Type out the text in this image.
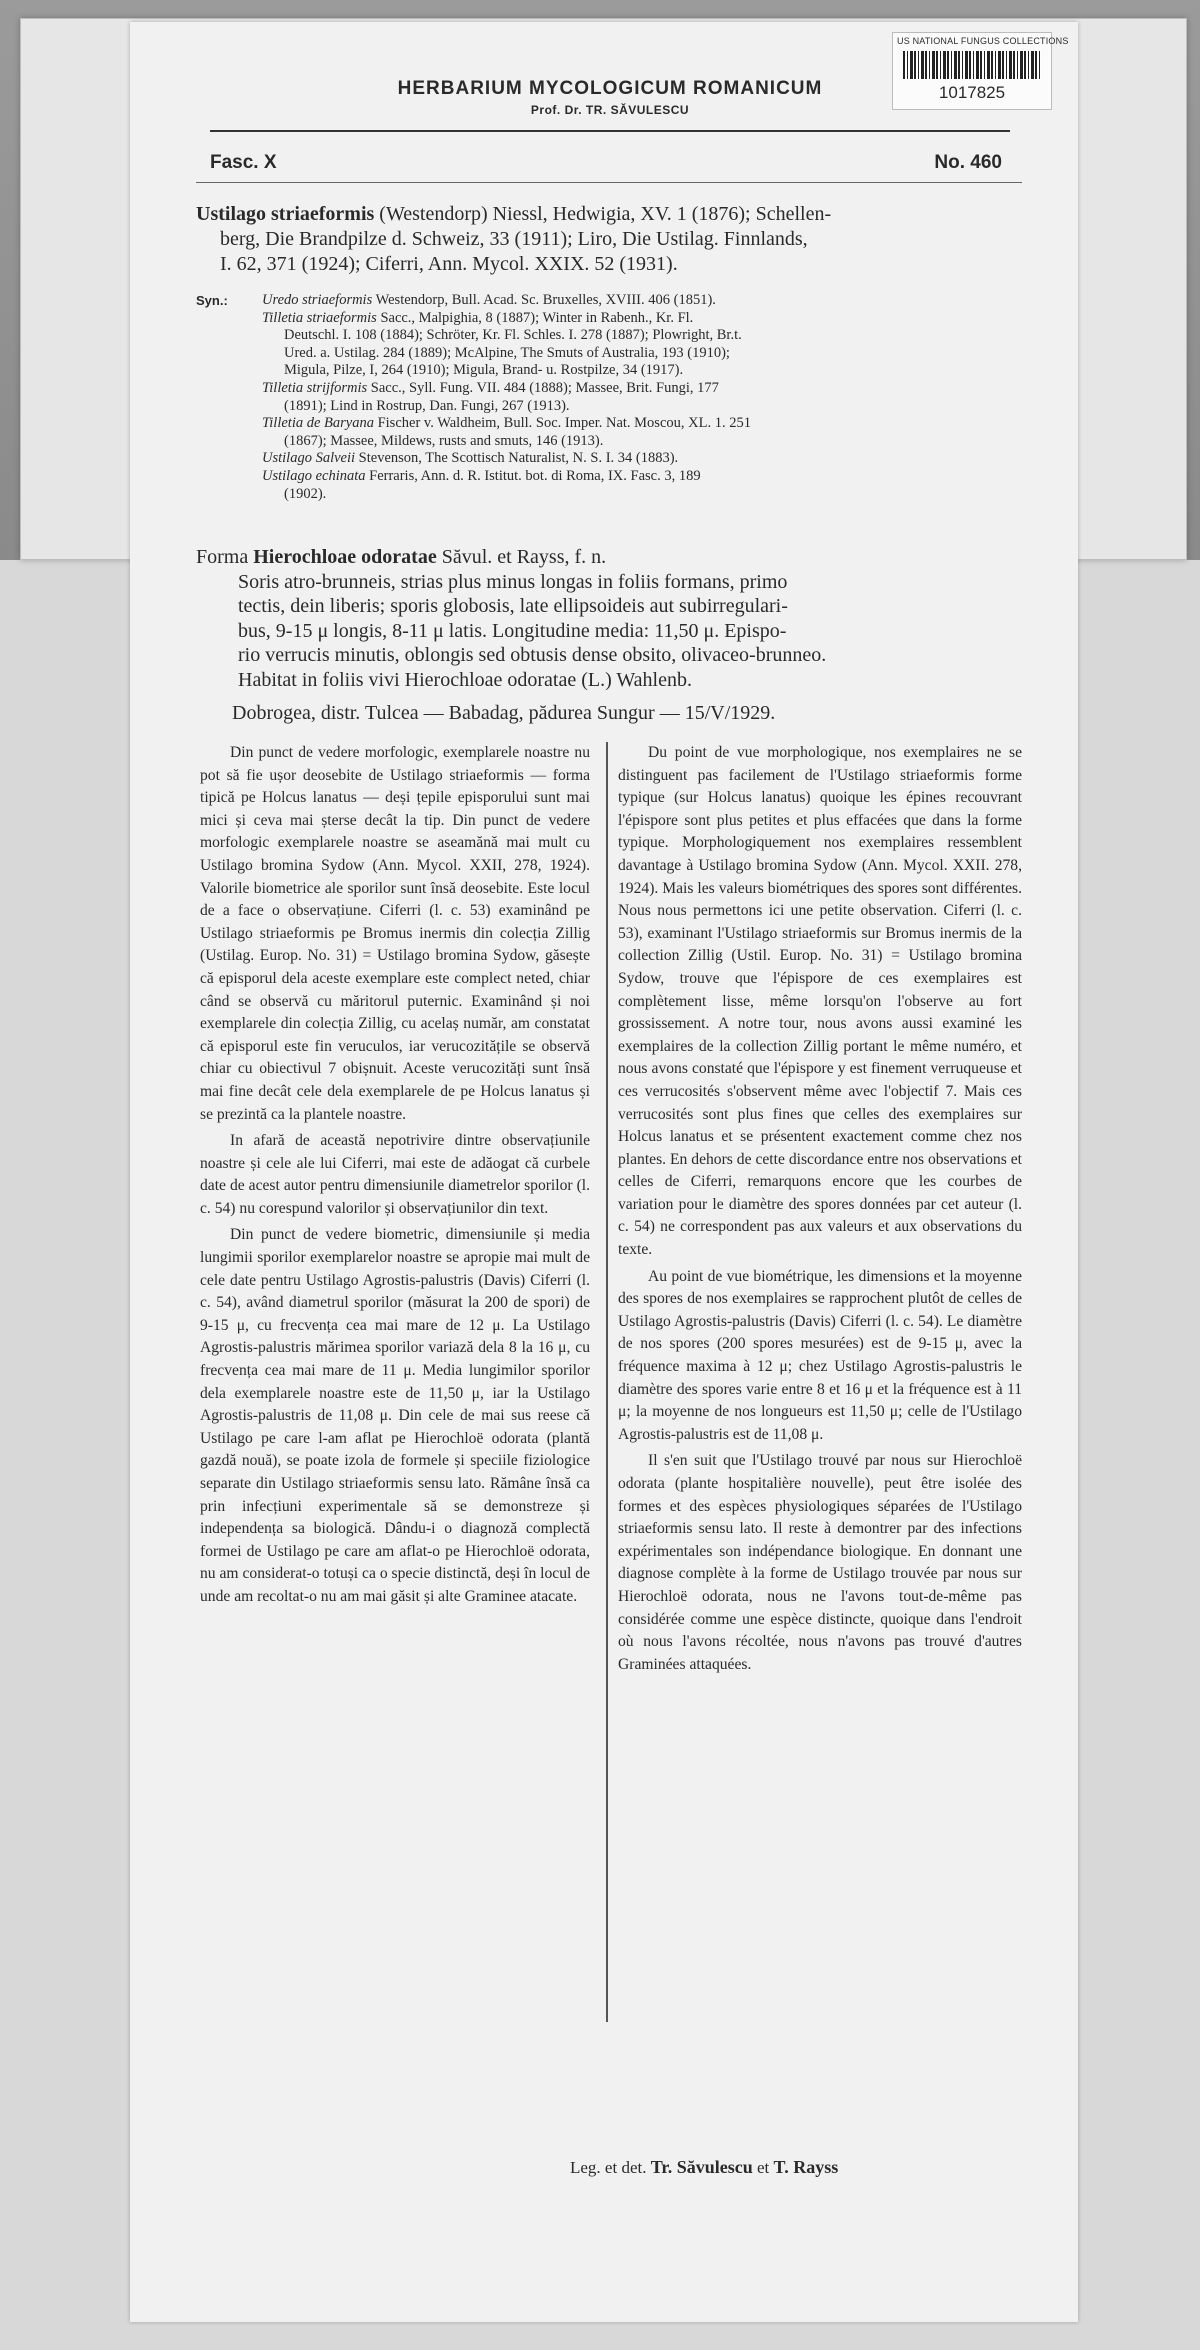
US NATIONAL FUNGUS COLLECTIONS
1017825
HERBARIUM MYCOLOGICUM ROMANICUM
Prof. Dr. TR. SĂVULESCU
Fasc. X	No. 460
Ustilago striaeformis (Westendorp) Niessl, Hedwigia, XV. 1 (1876); Schellen-
berg, Die Brandpilze d. Schweiz, 33 (1911); Liro, Die Ustilag. Finnlands,
I. 62, 371 (1924); Ciferri, Ann. Mycol. XXIX. 52 (1931).
Syn.: Uredo striaeformis Westendorp, Bull. Acad. Sc. Bruxelles, XVIII. 406 (1851).
Tilletia striaeformis Sacc., Malpighia, 8 (1887); Winter in Rabenh., Kr. Fl.
Deutschl. I. 108 (1884); Schröter, Kr. Fl. Schles. I. 278 (1887); Plowright, Br.t.
Ured. a. Ustilag. 284 (1889); McAlpine, The Smuts of Australia, 193 (1910);
Migula, Pilze, I, 264 (1910); Migula, Brand- u. Rostpilze, 34 (1917).
Tilletia strijformis Sacc., Syll. Fung. VII. 484 (1888); Massee, Brit. Fungi, 177
(1891); Lind in Rostrup, Dan. Fungi, 267 (1913).
Tilletia de Baryana Fischer v. Waldheim, Bull. Soc. Imper. Nat. Moscou, XL. 1. 251
(1867); Massee, Mildews, rusts and smuts, 146 (1913).
Ustilago Salveii Stevenson, The Scottisch Naturalist, N. S. I. 34 (1883).
Ustilago echinata Ferraris, Ann. d. R. Istitut. bot. di Roma, IX. Fasc. 3, 189
(1902).
Forma Hierochloae odoratae Săvul. et Rayss, f. n.
Soris atro-brunneis, strias plus minus longas in foliis formans, primo
tectis, dein liberis; sporis globosis, late ellipsoideis aut subirregulari-
bus, 9-15 μ longis, 8-11 μ latis. Longitudine media: 11,50 μ. Epispo-
rio verrucis minutis, oblongis sed obtusis dense obsito, olivaceo-brunneo.
Habitat in foliis vivi Hierochloae odoratae (L.) Wahlenb.
Dobrogea, distr. Tulcea — Babadag, pădurea Sungur — 15/V/1929.

Din punct de vedere morfologic, exemplarele noastre nu pot să fie ușor deosebite de Ustilago striaeformis — forma tipică pe Holcus lanatus — deși țepile episporului sunt mai mici și ceva mai șterse decât la tip. Din punct de vedere morfologic exemplarele noastre se aseamănă mai mult cu Ustilago bromina Sydow (Ann. Mycol. XXII, 278, 1924). Valorile biometrice ale sporilor sunt însă deosebite. Este locul de a face o observațiune. Ciferri (l. c. 53) examinând pe Ustilago striaeformis pe Bromus inermis din colecția Zillig (Ustilag. Europ. No. 31) = Ustilago bromina Sydow, găsește că episporul dela aceste exemplare este complect neted, chiar când se observă cu măritorul puternic. Examinând și noi exemplarele din colecția Zillig, cu acelaș număr, am constatat că episporul este fin veruculos, iar verucozitățile se observă chiar cu obiectivul 7 obișnuit. Aceste verucozități sunt însă mai fine decât cele dela exemplarele de pe Holcus lanatus și se prezintă ca la plantele noastre.

In afară de această nepotrivire dintre observațiunile noastre și cele ale lui Ciferri, mai este de adăogat că curbele date de acest autor pentru dimensiunile diametrelor sporilor (l. c. 54) nu corespund valorilor și observațiunilor din text.

Din punct de vedere biometric, dimensiunile și media lungimii sporilor exemplarelor noastre se apropie mai mult de cele date pentru Ustilago Agrostis-palustris (Davis) Ciferri (l. c. 54), având diametrul sporilor (măsurat la 200 de spori) de 9-15 μ, cu frecvența cea mai mare de 12 μ. La Ustilago Agrostis-palustris mărimea sporilor variază dela 8 la 16 μ, cu frecvența cea mai mare de 11 μ. Media lungimilor sporilor dela exemplarele noastre este de 11,50 μ, iar la Ustilago Agrostis-palustris de 11,08 μ. Din cele de mai sus reese că Ustilago pe care l-am aflat pe Hierochloë odorata (plantă gazdă nouă), se poate izola de formele și speciile fiziologice separate din Ustilago striaeformis sensu lato. Rămâne însă ca prin infecțiuni experimentale să se demonstreze și independența sa biologică. Dându-i o diagnoză complectă formei de Ustilago pe care am aflat-o pe Hierochloë odorata, nu am considerat-o totuși ca o specie distinctă, deși în locul de unde am recoltat-o nu am mai găsit și alte Graminee atacate.

Du point de vue morphologique, nos exemplaires ne se distinguent pas facilement de l'Ustilago striaeformis forme typique (sur Holcus lanatus) quoique les épines recouvrant l'épispore sont plus petites et plus effacées que dans la forme typique. Morphologiquement nos exemplaires ressemblent davantage à Ustilago bromina Sydow (Ann. Mycol. XXII. 278, 1924). Mais les valeurs biométriques des spores sont différentes. Nous nous permettons ici une petite observation. Ciferri (l. c. 53), examinant l'Ustilago striaeformis sur Bromus inermis de la collection Zillig (Ustil. Europ. No. 31) = Ustilago bromina Sydow, trouve que l'épispore de ces exemplaires est complètement lisse, même lorsqu'on l'observe au fort grossissement. A notre tour, nous avons aussi examiné les exemplaires de la collection Zillig portant le même numéro, et nous avons constaté que l'épispore y est finement verruqueuse et ces verrucosités s'observent même avec l'objectif 7. Mais ces verrucosités sont plus fines que celles des exemplaires sur Holcus lanatus et se présentent exactement comme chez nos plantes. En dehors de cette discordance entre nos observations et celles de Ciferri, remarquons encore que les courbes de variation pour le diamètre des spores données par cet auteur (l. c. 54) ne correspondent pas aux valeurs et aux observations du texte.

Au point de vue biométrique, les dimensions et la moyenne des spores de nos exemplaires se rapprochent plutôt de celles de Ustilago Agrostis-palustris (Davis) Ciferri (l. c. 54). Le diamètre de nos spores (200 spores mesurées) est de 9-15 μ, avec la fréquence maxima à 12 μ; chez Ustilago Agrostis-palustris le diamètre des spores varie entre 8 et 16 μ et la fréquence est à 11 μ; la moyenne de nos longueurs est 11,50 μ; celle de l'Ustilago Agrostis-palustris est de 11,08 μ.

Il s'en suit que l'Ustilago trouvé par nous sur Hierochloë odorata (plante hospitalière nouvelle), peut être isolée des formes et des espèces physiologiques séparées de l'Ustilago striaeformis sensu lato. Il reste à demontrer par des infections expérimentales son indépendance biologique. En donnant une diagnose complète à la forme de Ustilago trouvée par nous sur Hierochloë odorata, nous ne l'avons tout-de-même pas considérée comme une espèce distincte, quoique dans l'endroit où nous l'avons récoltée, nous n'avons pas trouvé d'autres Graminées attaquées.

Leg. et det. Tr. Săvulescu et T. Rayss
